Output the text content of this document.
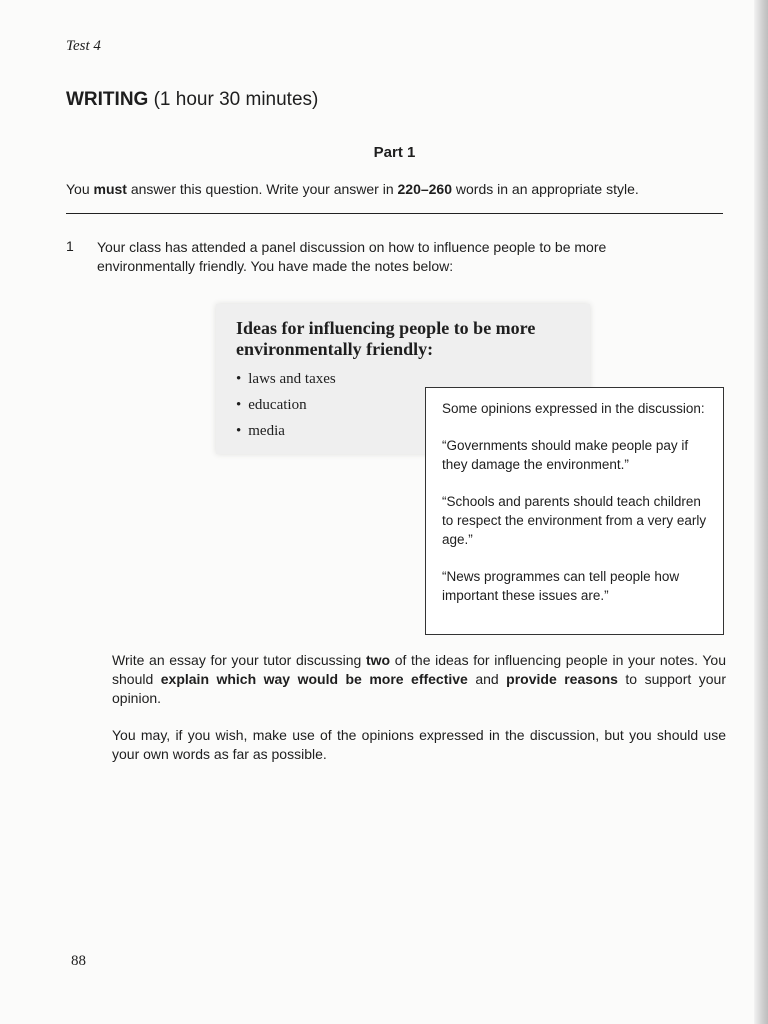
Test 4
WRITING (1 hour 30 minutes)
Part 1
You must answer this question. Write your answer in 220–260 words in an appropriate style.
1 Your class has attended a panel discussion on how to influence people to be more environmentally friendly. You have made the notes below:
Ideas for influencing people to be more environmentally friendly:
• laws and taxes
• education
• media

Some opinions expressed in the discussion:

“Governments should make people pay if they damage the environment.”

“Schools and parents should teach children to respect the environment from a very early age.”

“News programmes can tell people how important these issues are.”

Write an essay for your tutor discussing two of the ideas for influencing people in your notes. You should explain which way would be more effective and provide reasons to support your opinion.

You may, if you wish, make use of the opinions expressed in the discussion, but you should use your own words as far as possible.

88
